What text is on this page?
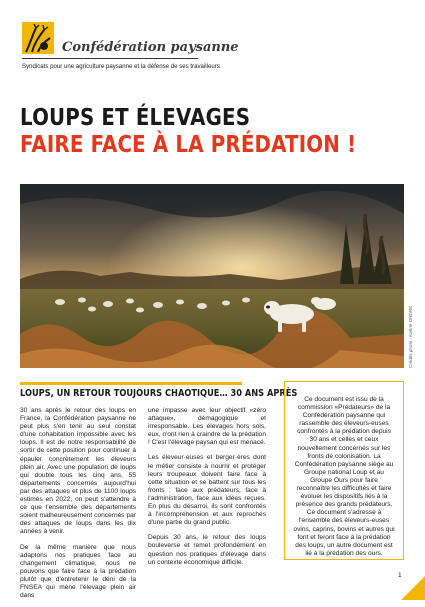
Confédération paysanne
Syndicats pour une agriculture paysanne et la défense de ses travailleurs
LOUPS ET ÉLEVAGES
FAIRE FACE À LA PRÉDATION !
Crédits photo : Karine ONDRÉ
LOUPS, UN RETOUR TOUJOURS CHAOTIQUE… 30 ANS APRÈS

30 ans après le retour des loups en France, la Confédération paysanne ne peut plus s'en tenir au seul constat d'une cohabitation impossible avec les loups. Il est de notre responsabilité de sortir de cette position pour continuer à épauler concrètement les éleveurs plein air. Avec une population de loups qui double tous les cinq ans, 55 départements concernés aujourd'hui par des attaques et plus de 1100 loups estimés en 2022, on peut s'attendre à ce que l'ensemble des départements soient malheureusement concernés par des attaques de loups dans les dix années à venir.

De la même manière que nous adaptons nos pratiques face au changement climatique, nous ne pouvons que faire face à la prédation plutôt que d'entretenir le déni de la FNSEA qui mène l'élevage plein air dans

une impasse avec leur objectif «zéro attaque», démagogique et irresponsable. Les élevages hors sols, eux, n'ont rien à craindre de la prédation ! C'est l'élevage paysan qui est menacé.

Les éleveur·euses et berger·ères dont le métier consiste à nourrir et protéger leurs troupeaux doivent faire face à cette situation et se battent sur tous les fronts : face aux prédateurs, face à l'administration, face aux idées reçues. En plus du désarroi, ils sont confrontés à l'incompréhension et aux reproches d'une partie du grand public.

Depuis 30 ans, le retour des loups bouleverse et remet profondément en question nos pratiques d'élevage dans un contexte économique difficile.

Ce document est issu de la commission «Prédateurs» de la Confédération paysanne qui rassemble des éleveurs-euses confrontés à la prédation depuis 30 ans et celles et ceux nouvellement concernés sur les fronts de colonisation. La Confédération paysanne siège au Groupe national Loup et au Groupe Ours pour faire reconnaître les difficultés et faire évoluer les dispositifs liés à la présence des grands prédateurs. Ce document s'adresse à l'ensemble des éleveurs-euses ovins, caprins, bovins et autres qui font et feront face à la prédation des loups, un autre document est lié à la prédation des ours.
1
